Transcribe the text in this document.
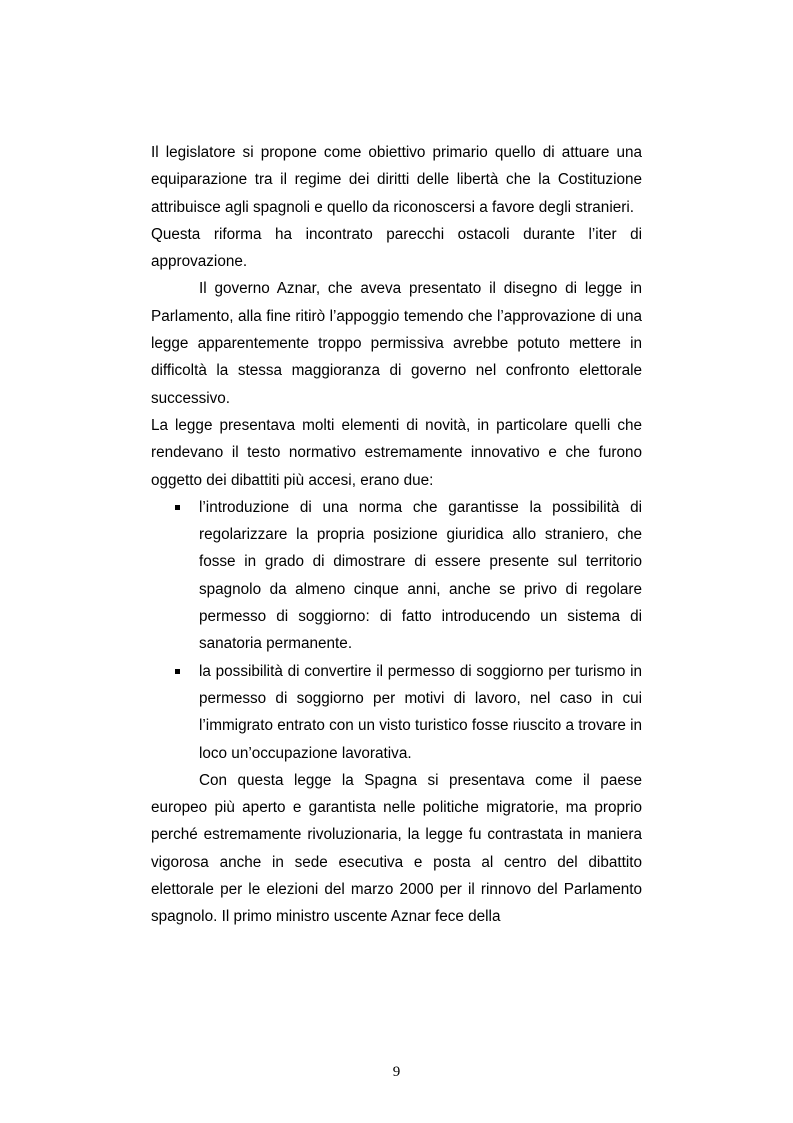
Il legislatore si propone come obiettivo primario quello di attuare una equiparazione tra il regime dei diritti delle libertà che la Costituzione attribuisce agli spagnoli e quello da riconoscersi a favore degli stranieri.

Questa riforma ha incontrato parecchi ostacoli durante l’iter di approvazione.

Il governo Aznar, che aveva presentato il disegno di legge in Parlamento, alla fine ritirò l’appoggio temendo che l’approvazione di una legge apparentemente troppo permissiva avrebbe potuto mettere in difficoltà la stessa maggioranza di governo nel confronto elettorale successivo.

La legge presentava molti elementi di novità, in particolare quelli che rendevano il testo normativo estremamente innovativo e che furono oggetto dei dibattiti più accesi, erano due:

l’introduzione di una norma che garantisse la possibilità di regolarizzare la propria posizione giuridica allo straniero, che fosse in grado di dimostrare di essere presente sul territorio spagnolo da almeno cinque anni, anche se privo di regolare permesso di soggiorno: di fatto introducendo un sistema di sanatoria permanente.
la possibilità di convertire il permesso di soggiorno per turismo in permesso di soggiorno per motivi di lavoro, nel caso in cui l’immigrato entrato con un visto turistico fosse riuscito a trovare in loco un’occupazione lavorativa.

Con questa legge la Spagna si presentava come il paese europeo più aperto e garantista nelle politiche migratorie, ma proprio perché estremamente rivoluzionaria, la legge fu contrastata in maniera vigorosa anche in sede esecutiva e posta al centro del dibattito elettorale per le elezioni del marzo 2000 per il rinnovo del Parlamento spagnolo. Il primo ministro uscente Aznar fece della

9
